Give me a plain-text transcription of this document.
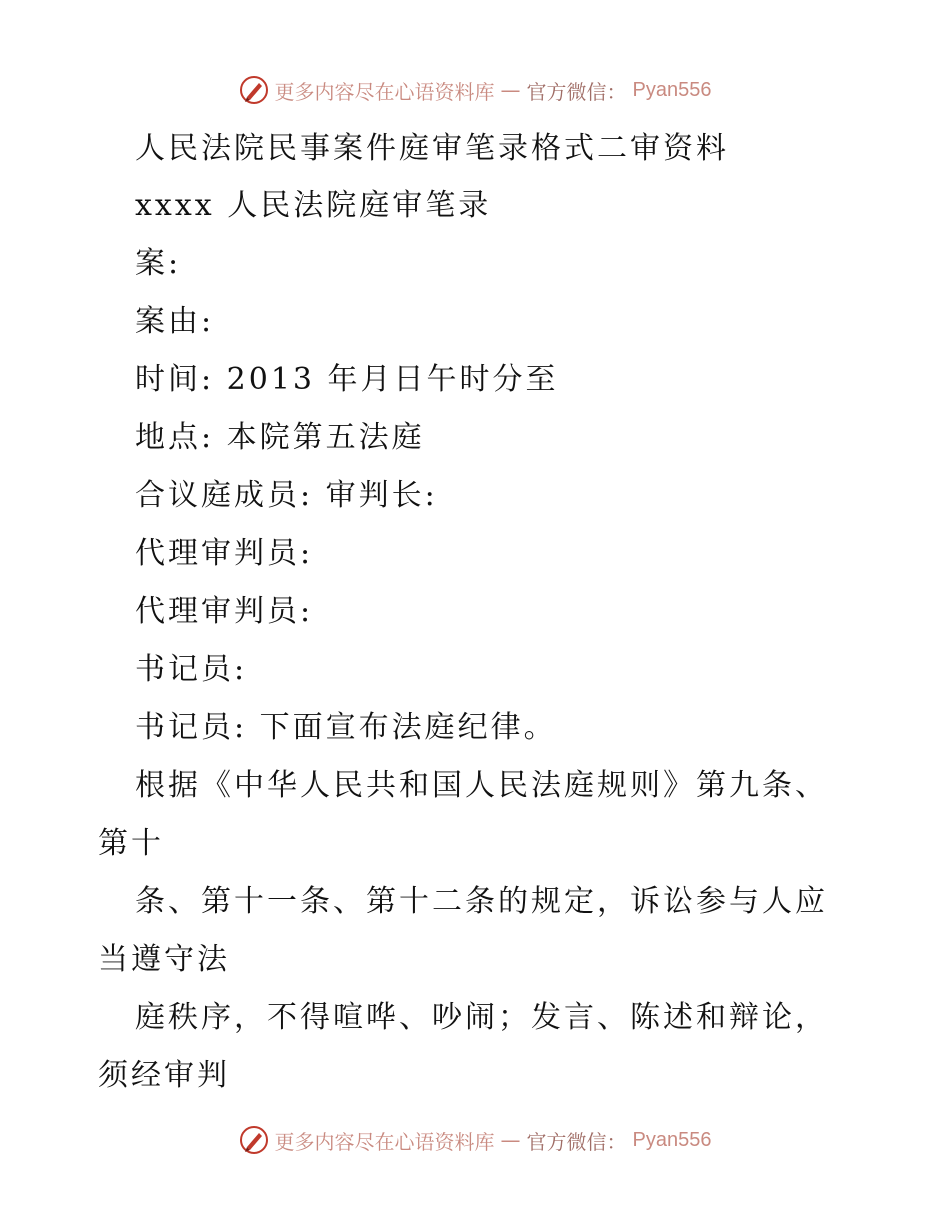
更多内容尽在心语资料库 — 官方微信： Pyan556
人民法院民事案件庭审笔录格式二审资料
xxxx 人民法院庭审笔录
案:
案由:
时间: 2013 年月日午时分至
地点: 本院第五法庭
合议庭成员: 审判长:
代理审判员:
代理审判员:
书记员:
书记员: 下面宣布法庭纪律。
根据《中华人民共和国人民法庭规则》第九条、
第十
条、第十一条、第十二条的规定，诉讼参与人应
当遵守法
庭秩序，不得喧哗、吵闹；发言、陈述和辩论，
须经审判
更多内容尽在心语资料库 — 官方微信： Pyan556
